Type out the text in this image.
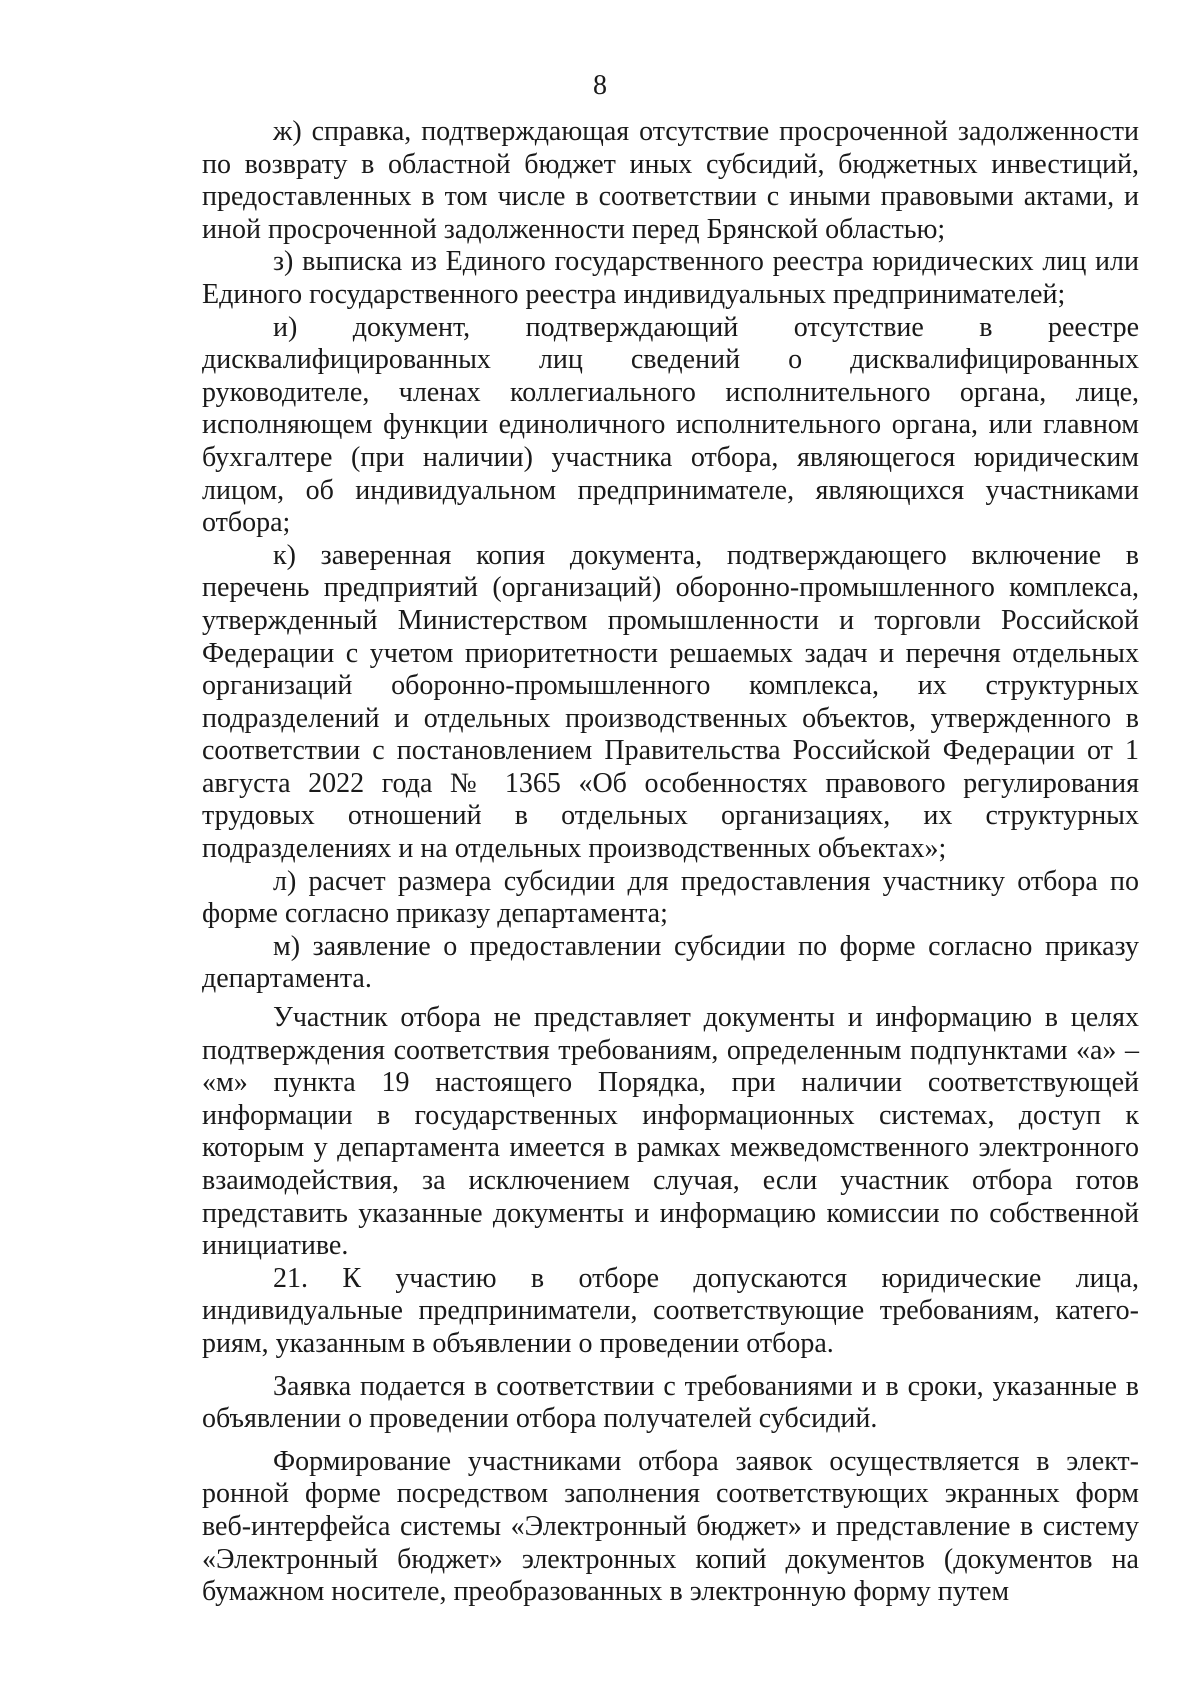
8

ж) справка, подтверждающая отсутствие просроченной задолженности по возврату в областной бюджет иных субсидий, бюджетных инвестиций, предоставленных в том числе в соответствии с иными правовыми актами, и иной просроченной задолженности перед Брянской областью;

з) выписка из Единого государственного реестра юридических лиц или Единого государственного реестра индивидуальных предпринимателей;

и) документ, подтверждающий отсутствие в реестре дисквалифицированных лиц сведений о дисквалифицированных руководителе, членах коллегиального исполнительного органа, лице, исполняющем функции единоличного исполнительного органа, или главном бухгалтере (при наличии) участника отбора, являющегося юридическим лицом, об индивидуальном предпринимателе, являющихся участниками отбора;

к) заверенная копия документа, подтверждающего включение в перечень предприятий (организаций) оборонно-промышленного комплекса, утвержденный Министерством промышленности и торговли Российской Федерации с учетом приоритетности решаемых задач и перечня отдельных организаций оборонно-промышленного комплекса, их структурных подразделений и отдельных производственных объектов, утвержденного в соответствии с постановлением Правительства Российской Федерации от 1 августа 2022 года № 1365 «Об особенностях правового регулирования трудовых отношений в отдельных организациях, их структурных подразделениях и на отдельных производственных объектах»;

л) расчет размера субсидии для предоставления участнику отбора по форме согласно приказу департамента;

м) заявление о предоставлении субсидии по форме согласно приказу департамента.

Участник отбора не представляет документы и информацию в целях подтверждения соответствия требованиям, определенным подпунктами «а» – «м» пункта 19 настоящего Порядка, при наличии соответствующей информации в государственных информационных системах, доступ к которым у департамента имеется в рамках межведомственного электронного взаимодействия, за исключением случая, если участник отбора готов представить указанные документы и информацию комиссии по собственной инициативе.

21. К участию в отборе допускаются юридические лица, индивидуальные предприниматели, соответствующие требованиям, катего-риям, указанным в объявлении о проведении отбора.

Заявка подается в соответствии с требованиями и в сроки, указанные в объявлении о проведении отбора получателей субсидий.

Формирование участниками отбора заявок осуществляется в элект-ронной форме посредством заполнения соответствующих экранных форм веб-интерфейса системы «Электронный бюджет» и представление в систему «Электронный бюджет» электронных копий документов (документов на бумажном носителе, преобразованных в электронную форму путем
